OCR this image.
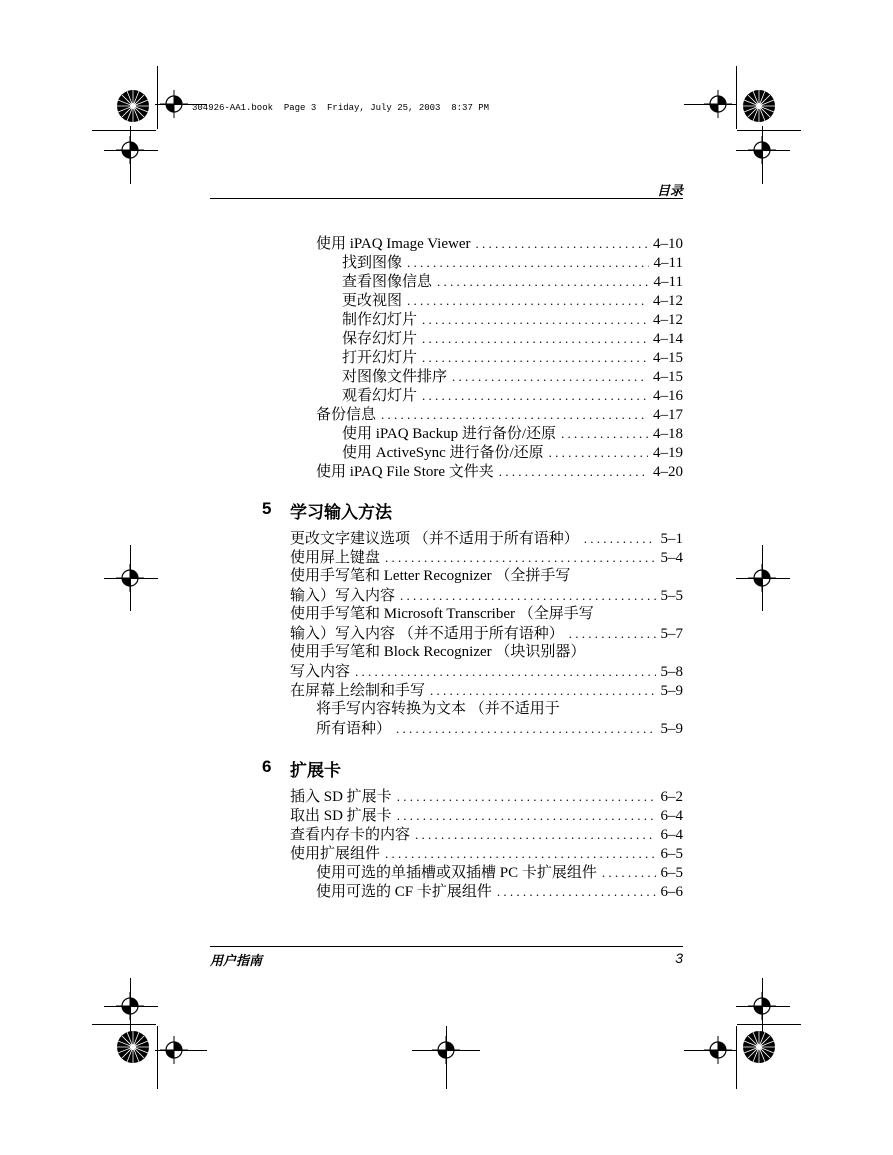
304926-AA1.book  Page 3  Friday, July 25, 2003  8:37 PM
目录
使用 iPAQ Image Viewer . . .	4–10
找到图像 . . .	4–11
查看图像信息 . . .	4–11
更改视图 . . .	4–12
制作幻灯片 . . .	4–12
保存幻灯片 . . .	4–14
打开幻灯片 . . .	4–15
对图像文件排序 . . .	4–15
观看幻灯片 . . .	4–16
备份信息 . . .	4–17
使用 iPAQ Backup 进行备份/还原 . . .	4–18
使用 ActiveSync 进行备份/还原 . . .	4–19
使用 iPAQ File Store 文件夹 . . .	4–20
5 学习输入方法
更改文字建议选项 （并不适用于所有语种） . . .	5–1
使用屏上键盘 . . .	5–4
使用手写笔和 Letter Recognizer （全拼手写
输入）写入内容 . . .	5–5
使用手写笔和 Microsoft Transcriber （全屏手写
输入）写入内容 （并不适用于所有语种） . . .	5–7
使用手写笔和 Block Recognizer （块识别器）
写入内容 . . .	5–8
在屏幕上绘制和手写 . . .	5–9
将手写内容转换为文本 （并不适用于
所有语种） . . .	5–9
6 扩展卡
插入 SD 扩展卡 . . .	6–2
取出 SD 扩展卡 . . .	6–4
查看内存卡的内容 . . .	6–4
使用扩展组件 . . .	6–5
使用可选的单插槽或双插槽 PC 卡扩展组件 . . .	6–5
使用可选的 CF 卡扩展组件 . . .	6–6
用户指南	3
